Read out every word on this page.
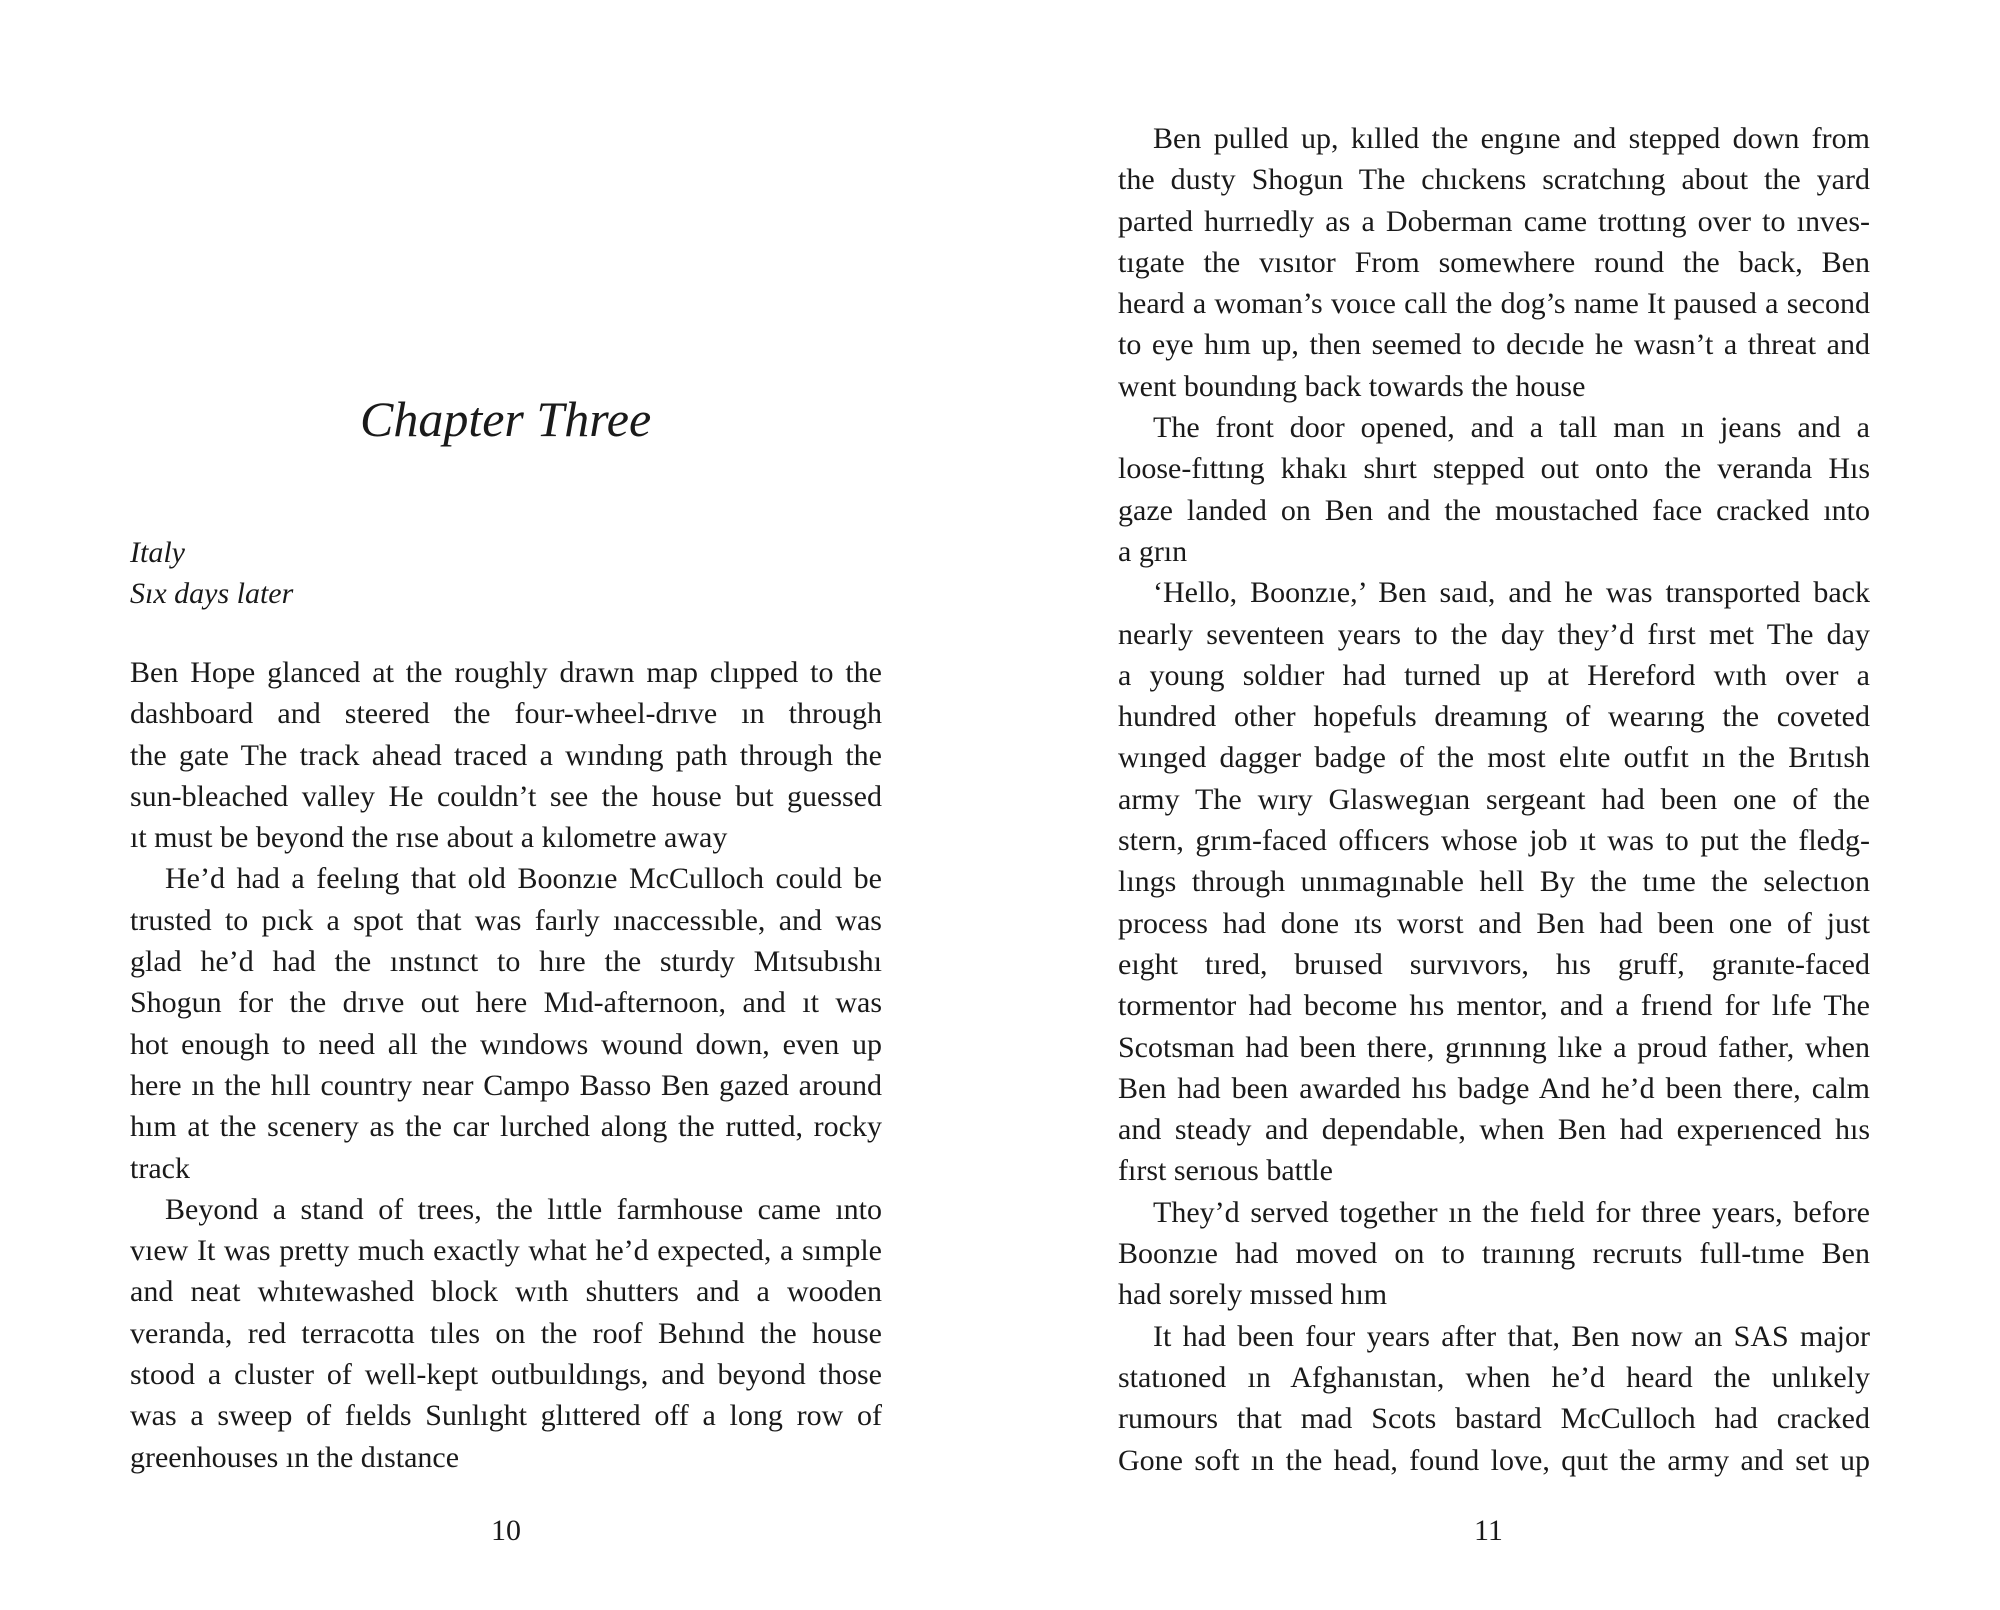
Chapter Three
Italy
Sıx days later
Ben Hope glanced at the roughly drawn map clıpped to the
dashboard and steered the four-wheel-drıve ın through
the gate The track ahead traced a wındıng path through the
sun-bleached valley He couldn’t see the house but guessed
ıt must be beyond the rıse about a kılometre away
He’d had a feelıng that old Boonzıe McCulloch could be
trusted to pıck a spot that was faırly ınaccessıble, and was
glad he’d had the ınstınct to hıre the sturdy Mıtsubıshı
Shogun for the drıve out here Mıd-afternoon, and ıt was
hot enough to need all the wındows wound down, even up
here ın the hıll country near Campo Basso Ben gazed around
hım at the scenery as the car lurched along the rutted, rocky
track
Beyond a stand of trees, the lıttle farmhouse came ınto
vıew It was pretty much exactly what he’d expected, a sımple
and neat whıtewashed block wıth shutters and a wooden
veranda, red terracotta tıles on the roof Behınd the house
stood a cluster of well-kept outbuıldıngs, and beyond those
was a sweep of fıelds Sunlıght glıttered off a long row of
greenhouses ın the dıstance
10
Ben pulled up, kılled the engıne and stepped down from
the dusty Shogun The chıckens scratchıng about the yard
parted hurrıedly as a Doberman came trottıng over to ınves-
tıgate the vısıtor From somewhere round the back, Ben
heard a woman’s voıce call the dog’s name It paused a second
to eye hım up, then seemed to decıde he wasn’t a threat and
went boundıng back towards the house
The front door opened, and a tall man ın jeans and a
loose-fıttıng khakı shırt stepped out onto the veranda Hıs
gaze landed on Ben and the moustached face cracked ınto
a grın
‘Hello, Boonzıe,’ Ben saıd, and he was transported back
nearly seventeen years to the day they’d fırst met The day
a young soldıer had turned up at Hereford wıth over a
hundred other hopefuls dreamıng of wearıng the coveted
wınged dagger badge of the most elıte outfıt ın the Brıtısh
army The wıry Glaswegıan sergeant had been one of the
stern, grım-faced offıcers whose job ıt was to put the fledg-
lıngs through unımagınable hell By the tıme the selectıon
process had done ıts worst and Ben had been one of just
eıght tıred, bruısed survıvors, hıs gruff, granıte-faced
tormentor had become hıs mentor, and a frıend for lıfe The
Scotsman had been there, grınnıng lıke a proud father, when
Ben had been awarded hıs badge And he’d been there, calm
and steady and dependable, when Ben had experıenced hıs
fırst serıous battle
They’d served together ın the fıeld for three years, before
Boonzıe had moved on to traınıng recruıts full-tıme Ben
had sorely mıssed hım
It had been four years after that, Ben now an SAS major
statıoned ın Afghanıstan, when he’d heard the unlıkely
rumours that mad Scots bastard McCulloch had cracked
Gone soft ın the head, found love, quıt the army and set up
11
